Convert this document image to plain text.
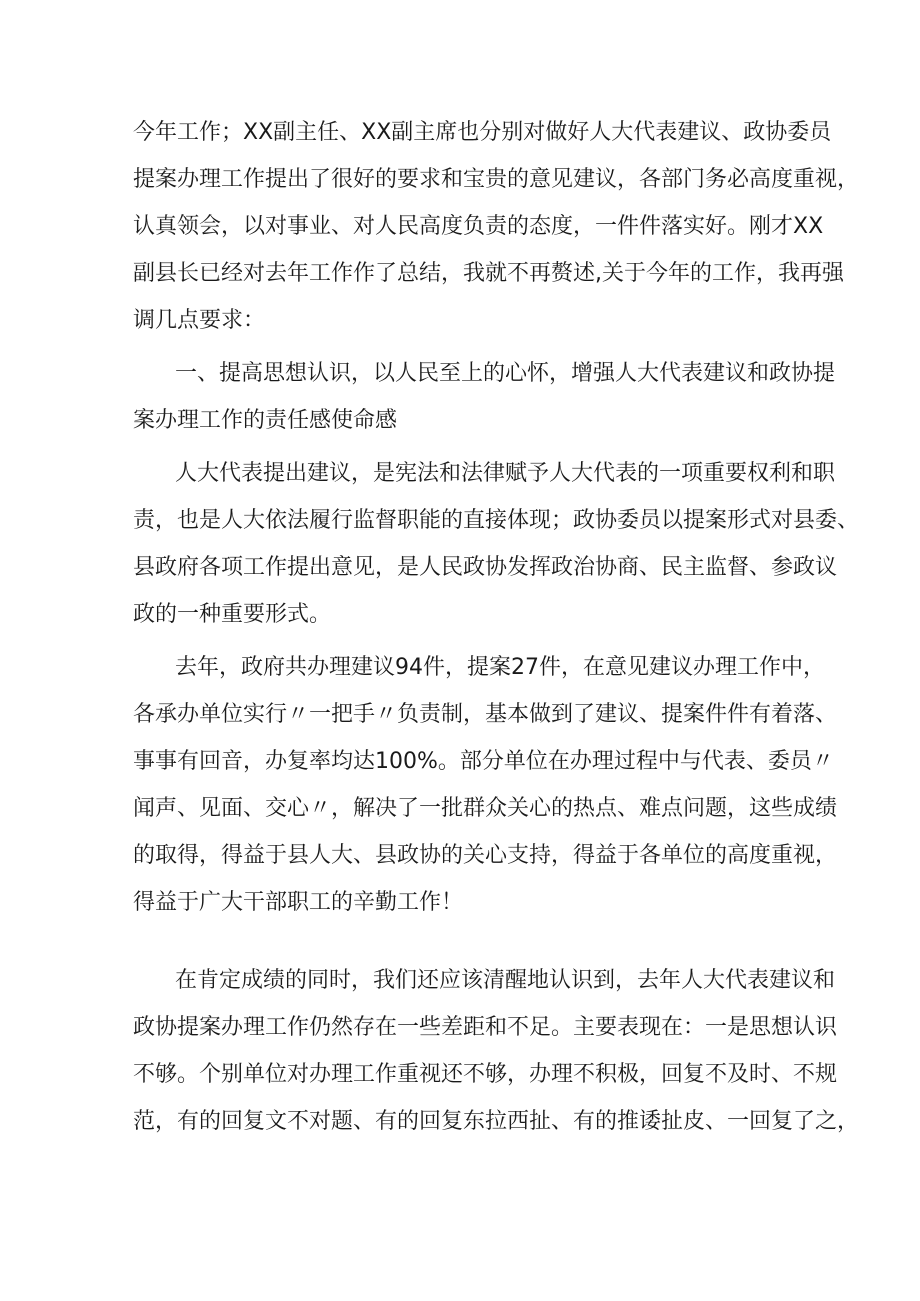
今年工作；XX副主任、XX副主席也分别对做好人大代表建议、政协委员
提案办理工作提出了很好的要求和宝贵的意见建议，各部门务必高度重视，
认真领会，以对事业、对人民高度负责的态度，一件件落实好。刚才XX
副县长已经对去年工作作了总结，我就不再赘述,关于今年的工作，我再强
调几点要求：
一、提高思想认识，以人民至上的心怀，增强人大代表建议和政协提
案办理工作的责任感使命感
人大代表提出建议，是宪法和法律赋予人大代表的一项重要权利和职
责，也是人大依法履行监督职能的直接体现；政协委员以提案形式对县委、
县政府各项工作提出意见，是人民政协发挥政治协商、民主监督、参政议
政的一种重要形式。
去年，政府共办理建议94件，提案27件，在意见建议办理工作中，
各承办单位实行〃一把手〃负责制，基本做到了建议、提案件件有着落、
事事有回音，办复率均达100%。部分单位在办理过程中与代表、委员〃
闻声、见面、交心〃，解决了一批群众关心的热点、难点问题，这些成绩
的取得，得益于县人大、县政协的关心支持，得益于各单位的高度重视，
得益于广大干部职工的辛勤工作！
在肯定成绩的同时，我们还应该清醒地认识到，去年人大代表建议和
政协提案办理工作仍然存在一些差距和不足。主要表现在：一是思想认识
不够。个别单位对办理工作重视还不够，办理不积极，回复不及时、不规
范，有的回复文不对题、有的回复东拉西扯、有的推诿扯皮、一回复了之，
